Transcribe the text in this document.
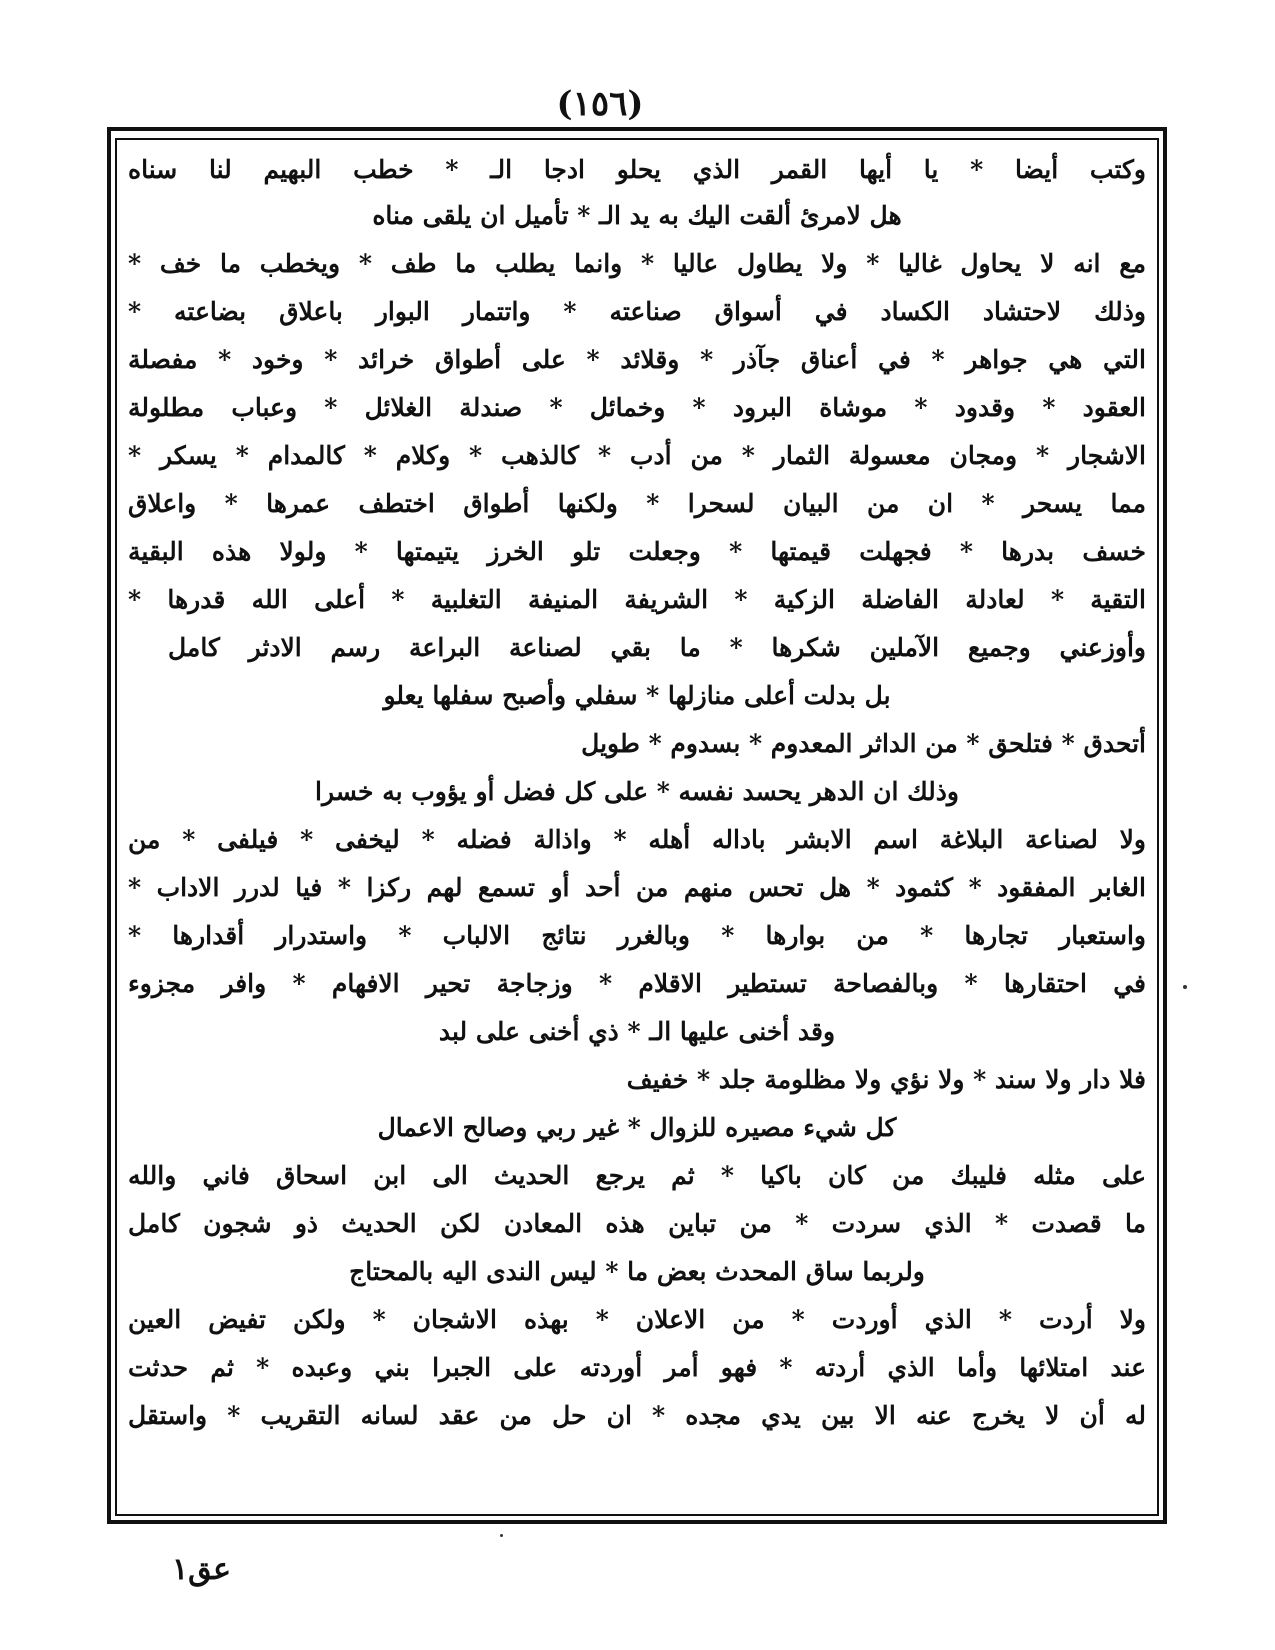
(١٥٦)
وكتب أيضا * يا أيها القمر الذي يحلو ادجا الـ * خطب البهيم لنا سناه
هل لامرئ ألقت اليك به يد الـ * تأميل ان يلقى مناه
مع انه لا يحاول غاليا * ولا يطاول عاليا * وانما يطلب ما طف * ويخطب ما خف *
وذلك لاحتشاد الكساد في أسواق صناعته * واتتمار البوار باعلاق بضاعته *
التي هي جواهر * في أعناق جآذر * وقلائد * على أطواق خرائد * وخود * مفصلة
العقود * وقدود * موشاة البرود * وخمائل * صندلة الغلائل * وعباب مطلولة
الاشجار * ومجان معسولة الثمار * من أدب * كالذهب * وكلام * كالمدام * يسكر *
مما يسحر * ان من البيان لسحرا * ولكنها أطواق اختطف عمرها * واعلاق
خسف بدرها * فجهلت قيمتها * وجعلت تلو الخرز يتيمتها * ولولا هذه البقية
التقية * لعادلة الفاضلة الزكية * الشريفة المنيفة التغلبية * أعلى الله قدرها *
وأوزعني وجميع الآملين شكرها * ما بقي لصناعة البراعة رسم الادثر كامل
بل بدلت أعلى منازلها * سفلي وأصبح سفلها يعلو
أتحدق * فتلحق * من الداثر المعدوم * بسدوم * طويل
وذلك ان الدهر يحسد نفسه * على كل فضل أو يؤوب به خسرا
ولا لصناعة البلاغة اسم الابشر باداله أهله * واذالة فضله * ليخفى * فيلفى * من
الغابر المفقود * كثمود * هل تحس منهم من أحد أو تسمع لهم ركزا * فيا لدرر الاداب *
واستعبار تجارها * من بوارها * وبالغرر نتائج الالباب * واستدرار أقدارها *
في احتقارها * وبالفصاحة تستطير الاقلام * وزجاجة تحير الافهام * وافر مجزوء
وقد أخنى عليها الـ * ذي أخنى على لبد
فلا دار ولا سند * ولا نؤي ولا مظلومة جلد * خفيف
كل شيء مصيره للزوال * غير ربي وصالح الاعمال
على مثله فليبك من كان باكيا * ثم يرجع الحديث الى ابن اسحاق فاني والله
ما قصدت * الذي سردت * من تباين هذه المعادن لكن الحديث ذو شجون كامل
ولربما ساق المحدث بعض ما * ليس الندى اليه بالمحتاج
ولا أردت * الذي أوردت * من الاعلان * بهذه الاشجان * ولكن تفيض العين
عند امتلائها وأما الذي أردته * فهو أمر أوردته على الجبرا بني وعبده * ثم حدثت
له أن لا يخرج عنه الا بين يدي مجده * ان حل من عقد لسانه التقريب * واستقل
عق١
